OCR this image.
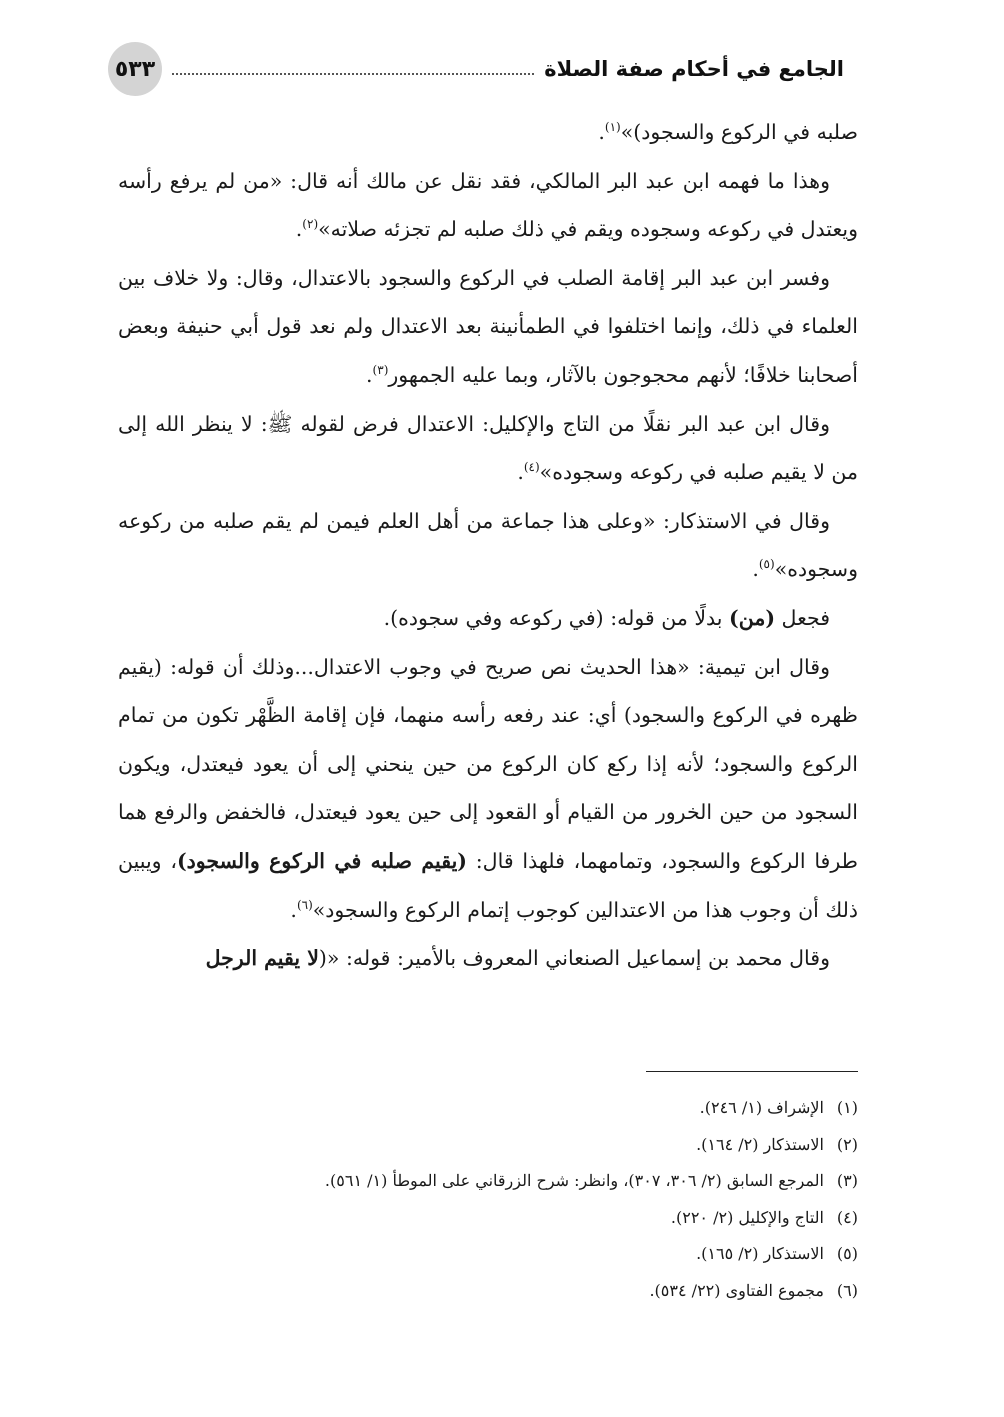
الجامع في أحكام صفة الصلاة
٥٣٣

صلبه في الركوع والسجود)»$^{(١)}$.

وهذا ما فهمه ابن عبد البر المالكي، فقد نقل عن مالك أنه قال: «من لم يرفع رأسه ويعتدل في ركوعه وسجوده ويقم في ذلك صلبه لم تجزئه صلاته»$^{(٢)}$.

وفسر ابن عبد البر إقامة الصلب في الركوع والسجود بالاعتدال، وقال: ولا خلاف بين العلماء في ذلك، وإنما اختلفوا في الطمأنينة بعد الاعتدال ولم نعد قول أبي حنيفة وبعض أصحابنا خلافًا؛ لأنهم محجوجون بالآثار، وبما عليه الجمهور$^{(٣)}$.

وقال ابن عبد البر نقلًا من التاج والإكليل: الاعتدال فرض لقوله ﷺ: لا ينظر الله إلى من لا يقيم صلبه في ركوعه وسجوده»$^{(٤)}$.

وقال في الاستذكار: «وعلى هذا جماعة من أهل العلم فيمن لم يقم صلبه من ركوعه وسجوده»$^{(٥)}$.

فجعل (من) بدلًا من قوله: (في ركوعه وفي سجوده).

وقال ابن تيمية: «هذا الحديث نص صريح في وجوب الاعتدال...وذلك أن قوله: (يقيم ظهره في الركوع والسجود) أي: عند رفعه رأسه منهما، فإن إقامة الظَّهْر تكون من تمام الركوع والسجود؛ لأنه إذا ركع كان الركوع من حين ينحني إلى أن يعود فيعتدل، ويكون السجود من حين الخرور من القيام أو القعود إلى حين يعود فيعتدل، فالخفض والرفع هما طرفا الركوع والسجود، وتمامهما، فلهذا قال: (يقيم صلبه في الركوع والسجود)، ويبين ذلك أن وجوب هذا من الاعتدالين كوجوب إتمام الركوع والسجود»$^{(٦)}$.

وقال محمد بن إسماعيل الصنعاني المعروف بالأمير: قوله: «(لا يقيم الرجل

(١)الإشراف (١/ ٢٤٦).
(٢)الاستذكار (٢/ ١٦٤).
(٣)المرجع السابق (٢/ ٣٠٦، ٣٠٧)، وانظر: شرح الزرقاني على الموطأ (١/ ٥٦١).
(٤)التاج والإكليل (٢/ ٢٢٠).
(٥)الاستذكار (٢/ ١٦٥).
(٦)مجموع الفتاوى (٢٢/ ٥٣٤).
